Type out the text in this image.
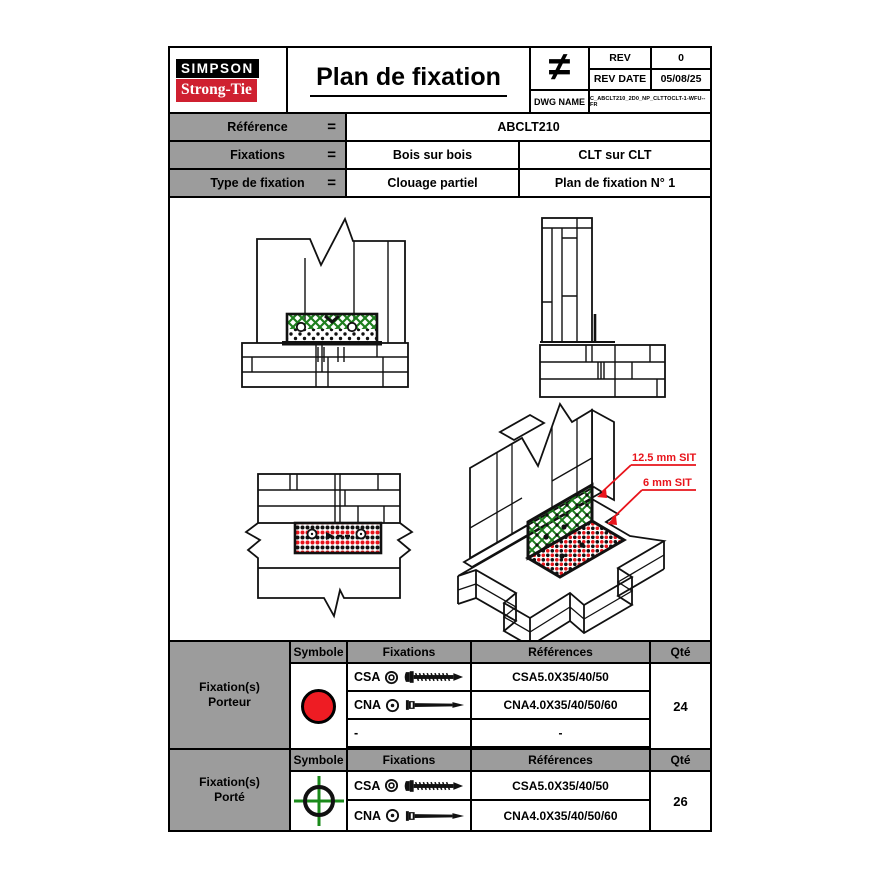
SIMPSON
Strong-Tie	Plan de fixation	≠	REV	0
REV DATE	05/08/25
DWG NAME C_ABCLT210_2D0_NP_CLTTOCLT-1-WFU--FR
Référence	=	ABCLT210
Fixations	=	Bois sur bois	CLT sur CLT
Type de fixation =	Clouage partiel	Plan de fixation N° 1
12.5 mm SIT
6 mm SIT
Fixation(s)
Porteur
Symbole	Fixations	Références	Qté
CSA	CSA5.0X35/40/50
CNA	CNA4.0X35/40/50/60
-	-
24
Fixation(s)
Porté
Symbole	Fixations	Références	Qté
CSA	CSA5.0X35/40/50
CNA	CNA4.0X35/40/50/60
26
